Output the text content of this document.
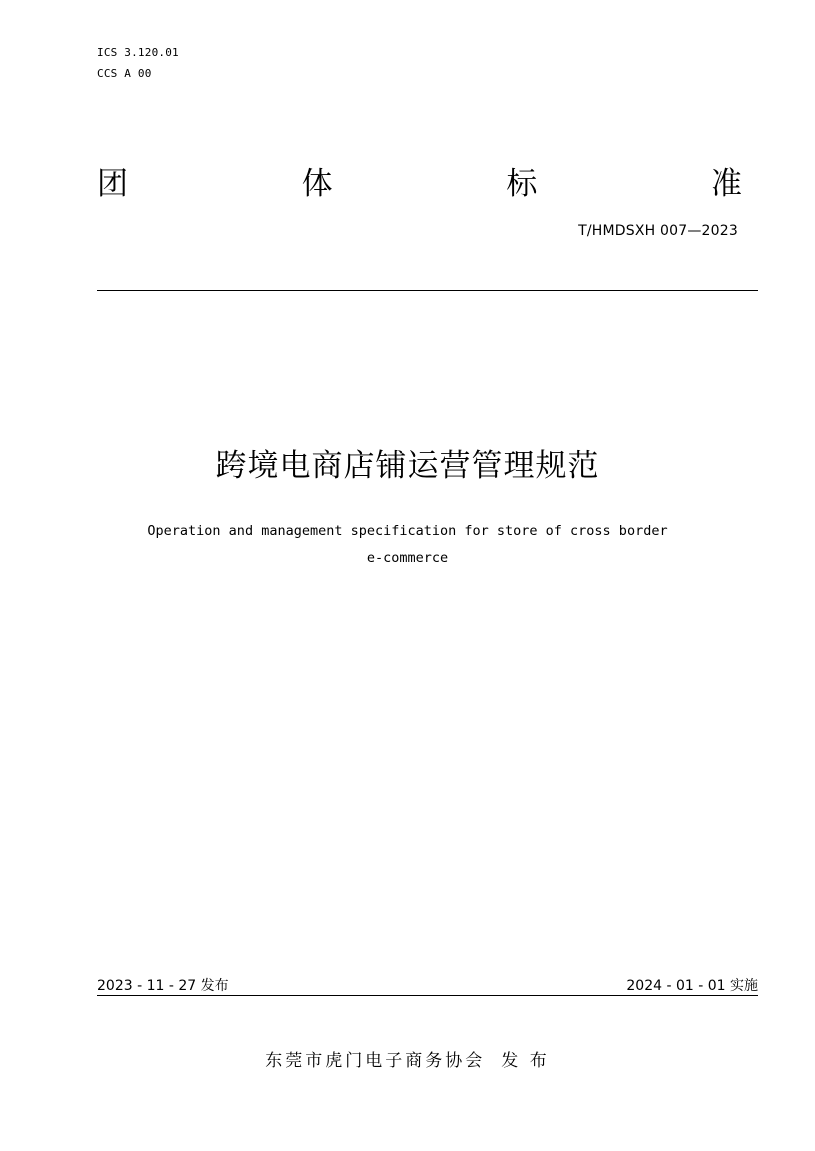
ICS 3.120.01
CCS A 00
团	体	标	准
T/HMDSXH 007—2023
跨境电商店铺运营管理规范
Operation and management specification for store of cross border
e-commerce
2023 - 11 - 27 发布	2024 - 01 - 01 实施
东莞市虎门电子商务协会 发 布
